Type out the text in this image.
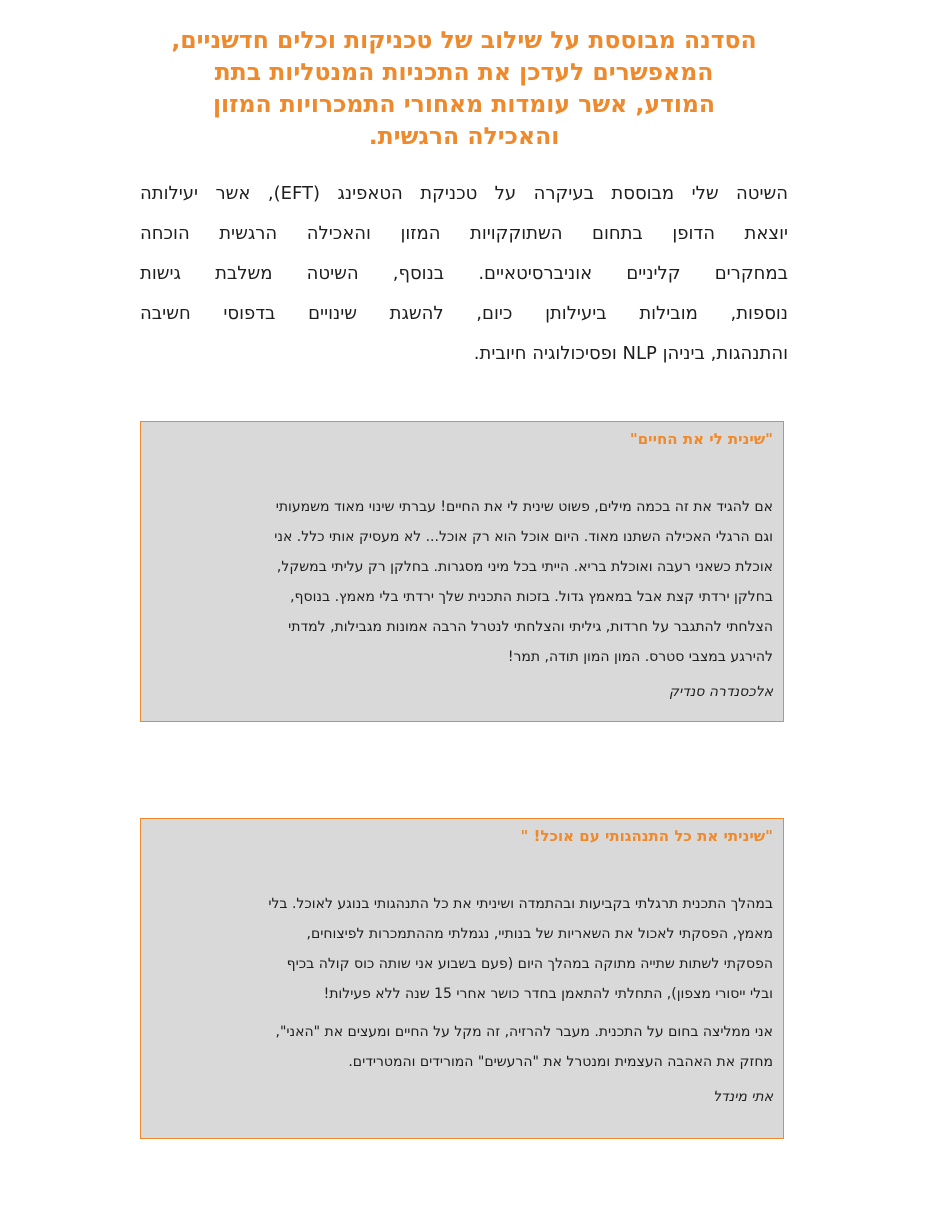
הסדנה מבוססת על שילוב של טכניקות וכלים חדשניים,
המאפשרים לעדכן את התכניות המנטליות בתת
המודע, אשר עומדות מאחורי התמכרויות המזון
והאכילה הרגשית.
השיטה שלי מבוססת בעיקרה על טכניקת הטאפינג (EFT), אשר יעילותה
יוצאת הדופן בתחום השתוקקויות המזון והאכילה הרגשית הוכחה
במחקרים קליניים אוניברסיטאיים. בנוסף, השיטה משלבת גישות
נוספות, מובילות ביעילותן כיום, להשגת שינויים בדפוסי חשיבה
והתנהגות, ביניהן NLP ופסיכולוגיה חיובית.
"שינית לי את החיים"

אם להגיד את זה בכמה מילים, פשוט שינית לי את החיים! עברתי שינוי מאוד משמעותי
וגם הרגלי האכילה השתנו מאוד. היום אוכל הוא רק אוכל... לא מעסיק אותי כלל. אני
אוכלת כשאני רעבה ואוכלת בריא. הייתי בכל מיני מסגרות. בחלקן רק עליתי במשקל,
בחלקן ירדתי קצת אבל במאמץ גדול. בזכות התכנית שלך ירדתי בלי מאמץ. בנוסף,
הצלחתי להתגבר על חרדות, גיליתי והצלחתי לנטרל הרבה אמונות מגבילות, למדתי
להירגע במצבי סטרס. המון המון תודה, תמר!

אלכסנדרה סנדיק
"שיניתי את כל התנהגותי עם אוכל! "

במהלך התכנית תרגלתי בקביעות ובהתמדה ושיניתי את כל התנהגותי בנוגע לאוכל. בלי
מאמץ, הפסקתי לאכול את השאריות של בנותיי, נגמלתי מההתמכרות לפיצוחים,
הפסקתי לשתות שתייה מתוקה במהלך היום (פעם בשבוע אני שותה כוס קולה בכיף
ובלי ייסורי מצפון), התחלתי להתאמן בחדר כושר אחרי 15 שנה ללא פעילות!

אני ממליצה בחום על התכנית. מעבר להרזיה, זה מקל על החיים ומעצים את "האני",
מחזק את האהבה העצמית ומנטרל את "הרעשים" המורידים והמטרידים.

אתי מינדל
